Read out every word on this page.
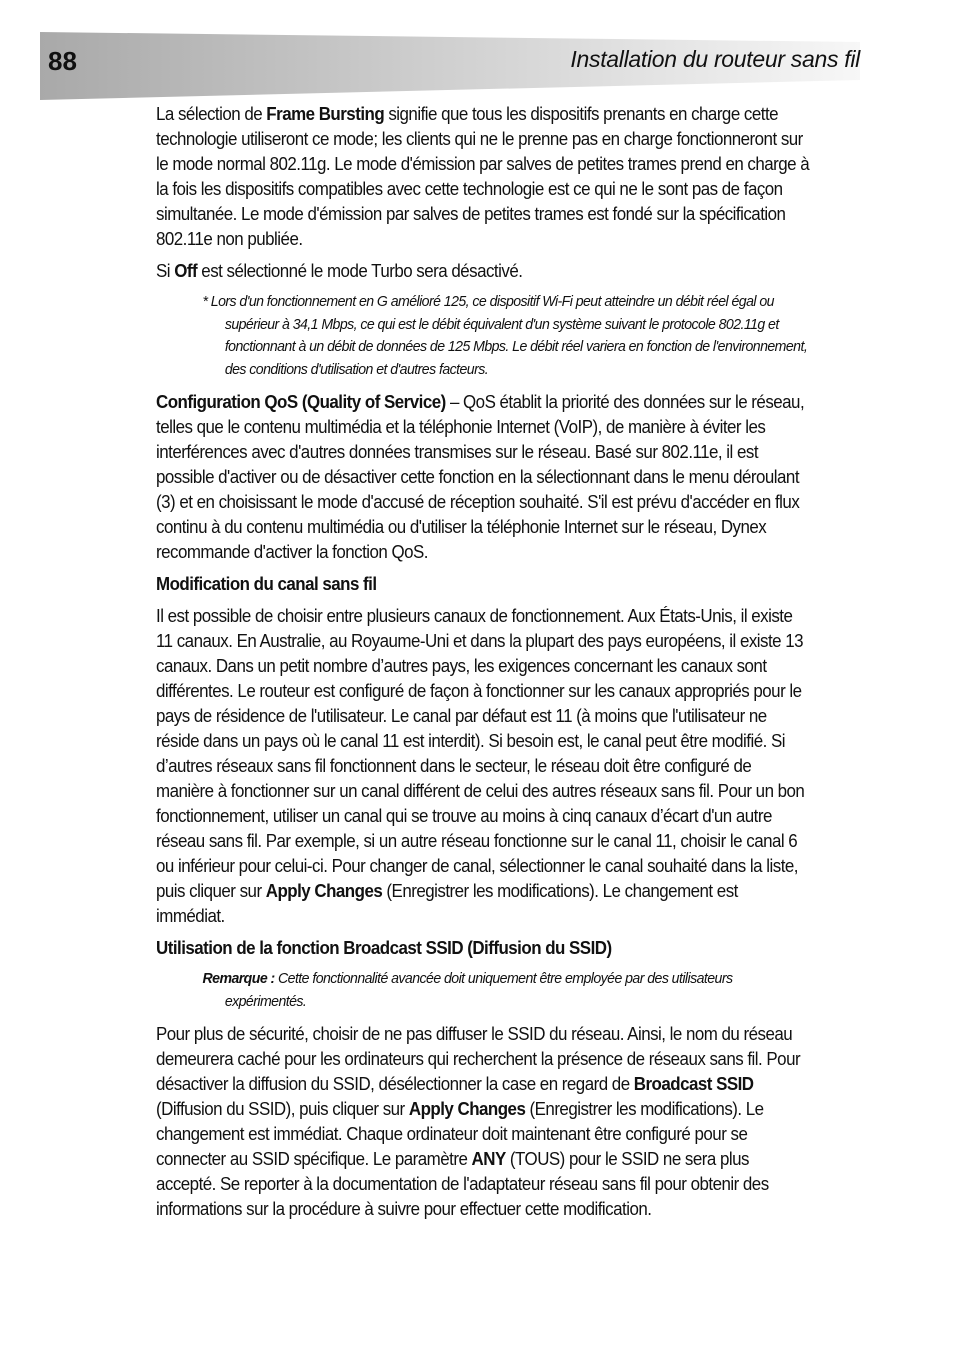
88	Installation du routeur sans fil

La sélection de Frame Bursting signifie que tous les dispositifs prenants en charge cette technologie utiliseront ce mode; les clients qui ne le prenne pas en charge fonctionneront sur le mode normal 802.11g. Le mode d'émission par salves de petites trames prend en charge à la fois les dispositifs compatibles avec cette technologie est ce qui ne le sont pas de façon simultanée. Le mode d'émission par salves de petites trames est fondé sur la spécification 802.11e non publiée.

Si Off est sélectionné le mode Turbo sera désactivé.

* Lors d'un fonctionnement en G amélioré 125, ce dispositif Wi-Fi peut atteindre un débit réel égal ou supérieur à 34,1 Mbps, ce qui est le débit équivalent d'un système suivant le protocole 802.11g et fonctionnant à un débit de données de 125 Mbps. Le débit réel variera en fonction de l'environnement, des conditions d'utilisation et d'autres facteurs.

Configuration QoS (Quality of Service) – QoS établit la priorité des données sur le réseau, telles que le contenu multimédia et la téléphonie Internet (VoIP), de manière à éviter les interférences avec d'autres données transmises sur le réseau. Basé sur 802.11e, il est possible d'activer ou de désactiver cette fonction en la sélectionnant dans le menu déroulant (3) et en choisissant le mode d'accusé de réception souhaité. S'il est prévu d'accéder en flux continu à du contenu multimédia ou d'utiliser la téléphonie Internet sur le réseau, Dynex recommande d'activer la fonction QoS.

Modification du canal sans fil

Il est possible de choisir entre plusieurs canaux de fonctionnement. Aux États-Unis, il existe 11 canaux. En Australie, au Royaume-Uni et dans la plupart des pays européens, il existe 13 canaux. Dans un petit nombre d’autres pays, les exigences concernant les canaux sont différentes. Le routeur est configuré de façon à fonctionner sur les canaux appropriés pour le pays de résidence de l'utilisateur. Le canal par défaut est 11 (à moins que l'utilisateur ne réside dans un pays où le canal 11 est interdit). Si besoin est, le canal peut être modifié. Si d’autres réseaux sans fil fonctionnent dans le secteur, le réseau doit être configuré de manière à fonctionner sur un canal différent de celui des autres réseaux sans fil. Pour un bon fonctionnement, utiliser un canal qui se trouve au moins à cinq canaux d’écart d'un autre réseau sans fil. Par exemple, si un autre réseau fonctionne sur le canal 11, choisir le canal 6 ou inférieur pour celui-ci. Pour changer de canal, sélectionner le canal souhaité dans la liste, puis cliquer sur Apply Changes (Enregistrer les modifications). Le changement est immédiat.

Utilisation de la fonction Broadcast SSID (Diffusion du SSID)

Remarque : Cette fonctionnalité avancée doit uniquement être employée par des utilisateurs expérimentés.

Pour plus de sécurité, choisir de ne pas diffuser le SSID du réseau. Ainsi, le nom du réseau demeurera caché pour les ordinateurs qui recherchent la présence de réseaux sans fil. Pour désactiver la diffusion du SSID, désélectionner la case en regard de Broadcast SSID (Diffusion du SSID), puis cliquer sur Apply Changes (Enregistrer les modifications). Le changement est immédiat. Chaque ordinateur doit maintenant être configuré pour se connecter au SSID spécifique. Le paramètre ANY (TOUS) pour le SSID ne sera plus accepté. Se reporter à la documentation de l'adaptateur réseau sans fil pour obtenir des informations sur la procédure à suivre pour effectuer cette modification.
